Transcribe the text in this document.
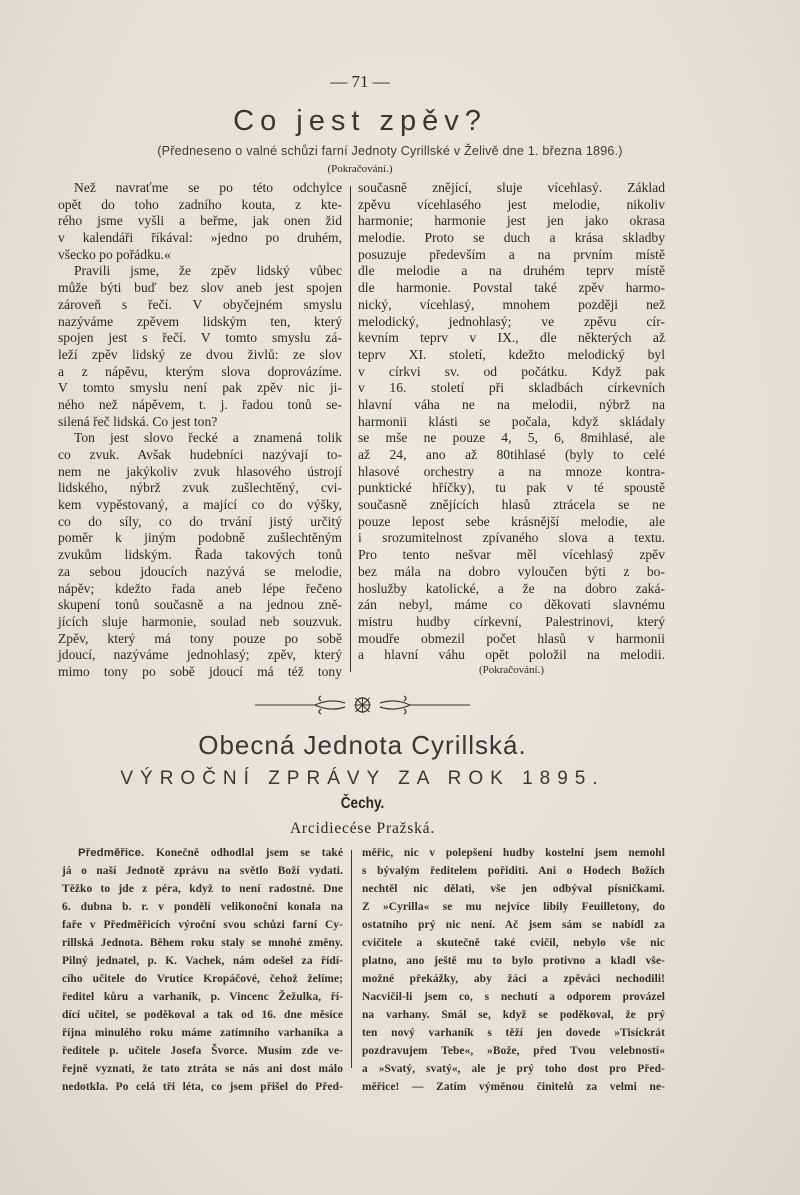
— 71 —
Co jest zpěv?
(Předneseno o valné schůzi farní Jednoty Cyrillské v Želivě dne 1. března 1896.)
(Pokračování.)
Než navraťme se po této odchylce
opět do toho zadního kouta, z kte-
rého jsme vyšli a beřme, jak onen žid
v kalendáři říkával: »jedno po druhém,
všecko po pořádku.«
Pravili jsme, že zpěv lidský vůbec
může býti buď bez slov aneb jest spojen
zároveň s řečí. V obyčejném smyslu
nazýváme zpěvem lidským ten, který
spojen jest s řečí. V tomto smyslu zá-
leží zpěv lidský ze dvou živlů: ze slov
a z nápěvu, kterým slova doprovázíme.
V tomto smyslu není pak zpěv nic ji-
ného než nápěvem, t. j. řadou tonů se-
silená řeč lidská. Co jest ton?
Ton jest slovo řecké a znamená tolik
co zvuk. Avšak hudebníci nazývají to-
nem ne jakýkoliv zvuk hlasového ústrojí
lidského, nýbrž zvuk zušlechtěný, cvi-
kem vypěstovaný, a mající co do výšky,
co do síly, co do trvání jistý určitý
poměr k jiným podobně zušlechtěným
zvukům lidským. Řada takových tonů
za sebou jdoucích nazývá se melodie,
nápěv; kdežto řada aneb lépe řečeno
skupení tonů současně a na jednou zně-
jících sluje harmonie, soulad neb souzvuk.
Zpěv, který má tony pouze po sobě
jdoucí, nazýváme jednohlasý; zpěv, který
mimo tony po sobě jdoucí má též tony
současně znějící, sluje vícehlasý. Základ
zpěvu vícehlasého jest melodie, nikoliv
harmonie; harmonie jest jen jako okrasa
melodie. Proto se duch a krása skladby
posuzuje především a na prvním místě
dle melodie a na druhém teprv místě
dle harmonie. Povstal také zpěv harmo-
nický, vícehlasý, mnohem později než
melodický, jednohlasý; ve zpěvu cír-
kevním teprv v IX., dle některých až
teprv XI. století, kdežto melodický byl
v církvi sv. od počátku. Když pak
v 16. století při skladbách církevních
hlavní váha ne na melodii, nýbrž na
harmonii klásti se počala, když skládaly
se mše ne pouze 4, 5, 6, 8mihlasé, ale
až 24, ano až 80tihlasé (byly to celé
hlasové orchestry a na mnoze kontra-
punktické hříčky), tu pak v té spoustě
současně znějících hlasů ztrácela se ne
pouze lepost sebe krásnější melodie, ale
i srozumitelnost zpívaného slova a textu.
Pro tento nešvar měl vícehlasý zpěv
bez mála na dobro vyloučen býti z bo-
hoslužby katolické, a že na dobro zaká-
zán nebyl, máme co děkovati slavnému
mistru hudby církevní, Palestrinovi, který
moudře obmezil počet hlasů v harmonii
a hlavní váhu opět položil na melodii.
(Pokračování.)
Obecná Jednota Cyrillská.
VÝROČNÍ ZPRÁVY ZA ROK 1895.
Čechy.
Arcidiecése Pražská.
Předměřice. Konečně odhodlal jsem se také
já o naší Jednotě zprávu na světlo Boží vydati.
Těžko to jde z péra, když to není radostné. Dne
6. dubna b. r. v pondělí velikonoční konala na
faře v Předměřicích výroční svou schůzi farní Cy-
rillská Jednota. Během roku staly se mnohé změny.
Pilný jednatel, p. K. Vachek, nám odešel za řídí-
cího učitele do Vrutice Kropáčové, čehož želíme;
ředitel kůru a varhaník, p. Vincenc Žežulka, ří-
dící učitel, se poděkoval a tak od 16. dne měsíce
října minulého roku máme zatímního varhaníka a
ředitele p. učitele Josefa Švorce. Musím zde ve-
řejně vyznati, že tato ztráta se nás ani dost málo
nedotkla. Po celá tři léta, co jsem přišel do Před-
měřic, nic v polepšení hudby kostelní jsem nemohl
s bývalým ředitelem pořiditi. Ani o Hodech Božích
nechtěl nic dělati, vše jen odbýval písničkami.
Z »Cyrilla« se mu nejvíce líbily Feuilletony, do
ostatního prý nic není. Ač jsem sám se nabídl za
cvičitele a skutečně také cvičil, nebylo vše nic
platno, ano ještě mu to bylo protivno a kladl vše-
možné překážky, aby žáci a zpěváci nechodili!
Nacvičil-li jsem co, s nechutí a odporem provázel
na varhany. Smál se, když se poděkoval, že prý
ten nový varhaník s těží jen dovede »Tisíckrát
pozdravujem Tebe«, »Bože, před Tvou velebností«
a »Svatý, svatý«, ale je prý toho dost pro Před-
měřice! — Zatím výměnou činitelů za velmi ne-
